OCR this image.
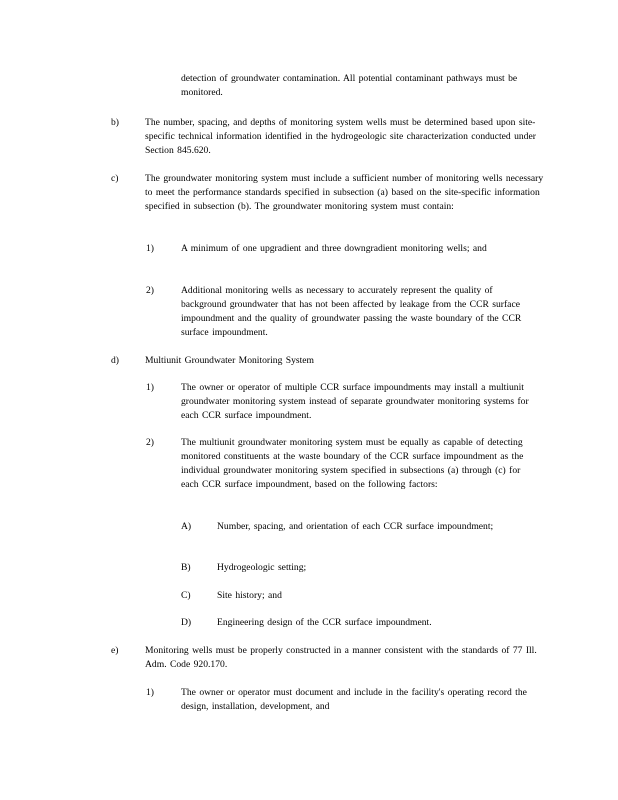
detection of groundwater contamination. All potential contaminant pathways must be monitored.

b)	The number, spacing, and depths of monitoring system wells must be determined based upon site-specific technical information identified in the hydrogeologic site characterization conducted under Section 845.620.

c)	The groundwater monitoring system must include a sufficient number of monitoring wells necessary to meet the performance standards specified in subsection (a) based on the site-specific information specified in subsection (b). The groundwater monitoring system must contain:

1)	A minimum of one upgradient and three downgradient monitoring wells; and

2)	Additional monitoring wells as necessary to accurately represent the quality of background groundwater that has not been affected by leakage from the CCR surface impoundment and the quality of groundwater passing the waste boundary of the CCR surface impoundment.

d)	Multiunit Groundwater Monitoring System

1)	The owner or operator of multiple CCR surface impoundments may install a multiunit groundwater monitoring system instead of separate groundwater monitoring systems for each CCR surface impoundment.

2)	The multiunit groundwater monitoring system must be equally as capable of detecting monitored constituents at the waste boundary of the CCR surface impoundment as the individual groundwater monitoring system specified in subsections (a) through (c) for each CCR surface impoundment, based on the following factors:

A)	Number, spacing, and orientation of each CCR surface impoundment;

B)	Hydrogeologic setting;

C)	Site history; and

D)	Engineering design of the CCR surface impoundment.

e)	Monitoring wells must be properly constructed in a manner consistent with the standards of 77 Ill. Adm. Code 920.170.

1)	The owner or operator must document and include in the facility's operating record the design, installation, development, and
